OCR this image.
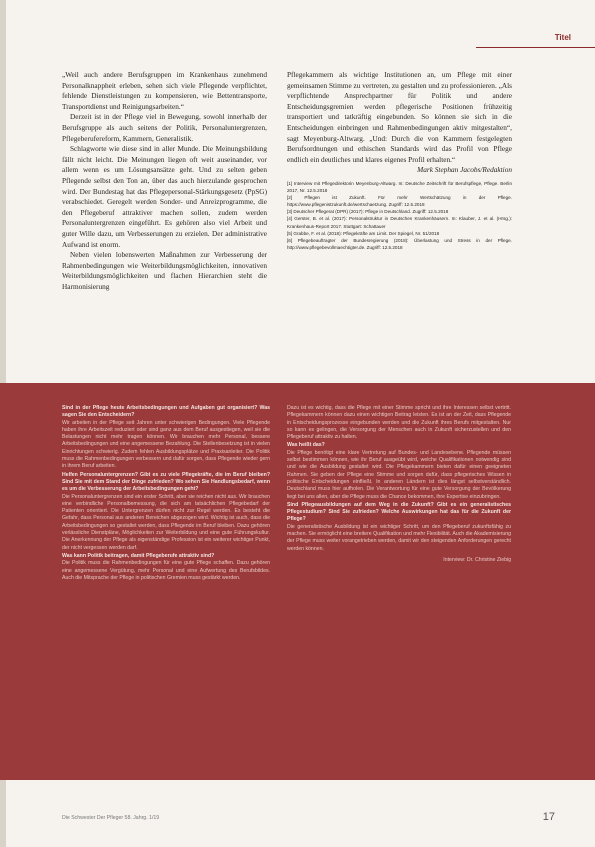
Titel

„Weil auch andere Berufsgruppen im Krankenhaus zunehmend Personalknappheit erleben, sehen sich viele Pflegende verpflichtet, fehlende Dienstleistungen zu kompensieren, wie Bettentransporte, Transportdienst und Reinigungsarbeiten.“

Derzeit ist in der Pflege viel in Bewegung, sowohl innerhalb der Berufsgruppe als auch seitens der Politik, Personaluntergrenzen, Pflegeberufereform, Kammern, Generalistik.

Schlagworte wie diese sind in aller Munde. Die Meinungsbildung fällt nicht leicht. Die Meinungen liegen oft weit auseinander, vor allem wenn es um Lösungsansätze geht. Und zu selten geben Pflegende selbst den Ton an, über das auch hierzulande gesprochen wird. Der Bundestag hat das Pflegepersonal-Stärkungsgesetz (PpSG) verabschiedet. Geregelt werden Sonder- und Anreizprogramme, die den Pflegeberuf attraktiver machen sollen, zudem werden Personaluntergrenzen eingeführt. Es gehören also viel Arbeit und guter Wille dazu, um Verbesserungen zu erzielen. Der administrative Aufwand ist enorm.

Neben vielen lobenswerten Maßnahmen zur Verbesserung der Rahmenbedingungen wie Weiterbildungsmöglichkeiten, innovativen Weiterbildungsmöglichkeiten und flachen Hierarchien steht die Harmonisierung

Pflegekammern als wichtige Institutionen an, um Pflege mit einer gemeinsamen Stimme zu vertreten, zu gestalten und zu professionieren. „Als verpflichtende Ansprechpartner für Politik und andere Entscheidungsgremien werden pflegerische Positionen frühzeitig transportiert und tatkräftig eingebunden. So können sie sich in die Entscheidungen einbringen und Rahmenbedingungen aktiv mitgestalten“, sagt Meyenburg-Altwarg. „Und: Durch die von Kammern festgelegten Berufsordnungen und ethischen Standards wird das Profil von Pflege endlich ein deutliches und klares eigenes Profil erhalten.“

Mark Stephan Jacobs/Redaktion

[1] Interview mit Pflegedirektorin Meyenburg-Altwarg. In: Deutsche Zeitschrift für Berufspflege, Pflege. Berlin 2017, Nr. 12.5.2018
[2] Pflegen ist Zukunft. Für mehr Wertschätzung in der Pflege. https://www.pflegenistzukunft.de/wertschaetzung. Zugriff: 12.5.2018
[3] Deutscher Pflegerat (DPR) (2017): Pflege in Deutschland. Zugriff: 12.5.2018
[4] Gerster, B. et al. (2017): Personalstruktur in Deutschen Krankenhäusern. In: Klauber, J. et al. (Hrsg.): Krankenhaus-Report 2017. Stuttgart: Schattauer
[5] Grabbe, F. et al. (2018): Pflegekräfte am Limit. Der Spiegel, Nr. 51/2018
[6] Pflegebeauftragter der Bundesregierung (2018): Überlastung und Stress in der Pflege. http://www.pflegebevollmaechtigter.de. Zugriff: 12.5.2018

Sind in der Pflege heute Arbeitsbedingungen und Aufgaben gut organisiert? Was sagen Sie den Entscheidern?

Wir arbeiten in der Pflege seit Jahren unter schwierigen Bedingungen. Viele Pflegende haben ihre Arbeitszeit reduziert oder sind ganz aus dem Beruf ausgestiegen, weil sie die Belastungen nicht mehr tragen können. Wir brauchen mehr Personal, bessere Arbeitsbedingungen und eine angemessene Bezahlung. Die Stellenbesetzung ist in vielen Einrichtungen schwierig. Zudem fehlen Ausbildungsplätze und Praxisanleiter. Die Politik muss die Rahmenbedingungen verbessern und dafür sorgen, dass Pflegende wieder gern in ihrem Beruf arbeiten.

Helfen Personaluntergrenzen? Gibt es zu viele Pflegekräfte, die im Beruf bleiben? Sind Sie mit dem Stand der Dinge zufrieden? Wo sehen Sie Handlungsbedarf, wenn es um die Verbesserung der Arbeitsbedingungen geht?

Die Personaluntergrenzen sind ein erster Schritt, aber sie reichen nicht aus. Wir brauchen eine verbindliche Personalbemessung, die sich am tatsächlichen Pflegebedarf der Patienten orientiert. Die Untergrenzen dürfen nicht zur Regel werden. Es besteht die Gefahr, dass Personal aus anderen Bereichen abgezogen wird. Wichtig ist auch, dass die Arbeitsbedingungen so gestaltet werden, dass Pflegende im Beruf bleiben. Dazu gehören verlässliche Dienstpläne, Möglichkeiten zur Weiterbildung und eine gute Führungskultur. Die Anerkennung der Pflege als eigenständige Profession ist ein weiterer wichtiger Punkt, der nicht vergessen werden darf.

Was kann Politik beitragen, damit Pflegeberufe attraktiv sind?

Die Politik muss die Rahmenbedingungen für eine gute Pflege schaffen. Dazu gehören eine angemessene Vergütung, mehr Personal und eine Aufwertung des Berufsbildes. Auch die Mitsprache der Pflege in politischen Gremien muss gestärkt werden.

Dazu ist es wichtig, dass die Pflege mit einer Stimme spricht und ihre Interessen selbst vertritt. Pflegekammern können dazu einen wichtigen Beitrag leisten. Es ist an der Zeit, dass Pflegende in Entscheidungsprozesse eingebunden werden und die Zukunft ihres Berufs mitgestalten. Nur so kann es gelingen, die Versorgung der Menschen auch in Zukunft sicherzustellen und den Pflegeberuf attraktiv zu halten.

Was heißt das?

Die Pflege benötigt eine klare Vertretung auf Bundes- und Landesebene. Pflegende müssen selbst bestimmen können, wie ihr Beruf ausgeübt wird, welche Qualifikationen notwendig sind und wie die Ausbildung gestaltet wird. Die Pflegekammern bieten dafür einen geeigneten Rahmen. Sie geben der Pflege eine Stimme und sorgen dafür, dass pflegerisches Wissen in politische Entscheidungen einfließt. In anderen Ländern ist dies längst selbstverständlich. Deutschland muss hier aufholen. Die Verantwortung für eine gute Versorgung der Bevölkerung liegt bei uns allen, aber die Pflege muss die Chance bekommen, ihre Expertise einzubringen.

Sind Pflegeausbildungen auf dem Weg in die Zukunft? Gibt es ein generalistisches Pflegestudium? Sind Sie zufrieden? Welche Auswirkungen hat das für die Zukunft der Pflege?

Die generalistische Ausbildung ist ein wichtiger Schritt, um den Pflegeberuf zukunftsfähig zu machen. Sie ermöglicht eine breitere Qualifikation und mehr Flexibilität. Auch die Akademisierung der Pflege muss weiter vorangetrieben werden, damit wir den steigenden Anforderungen gerecht werden können.

Interview: Dr. Christine Ziebig

Die Schwester Der Pfleger 58. Jahrg. 1/19	17
